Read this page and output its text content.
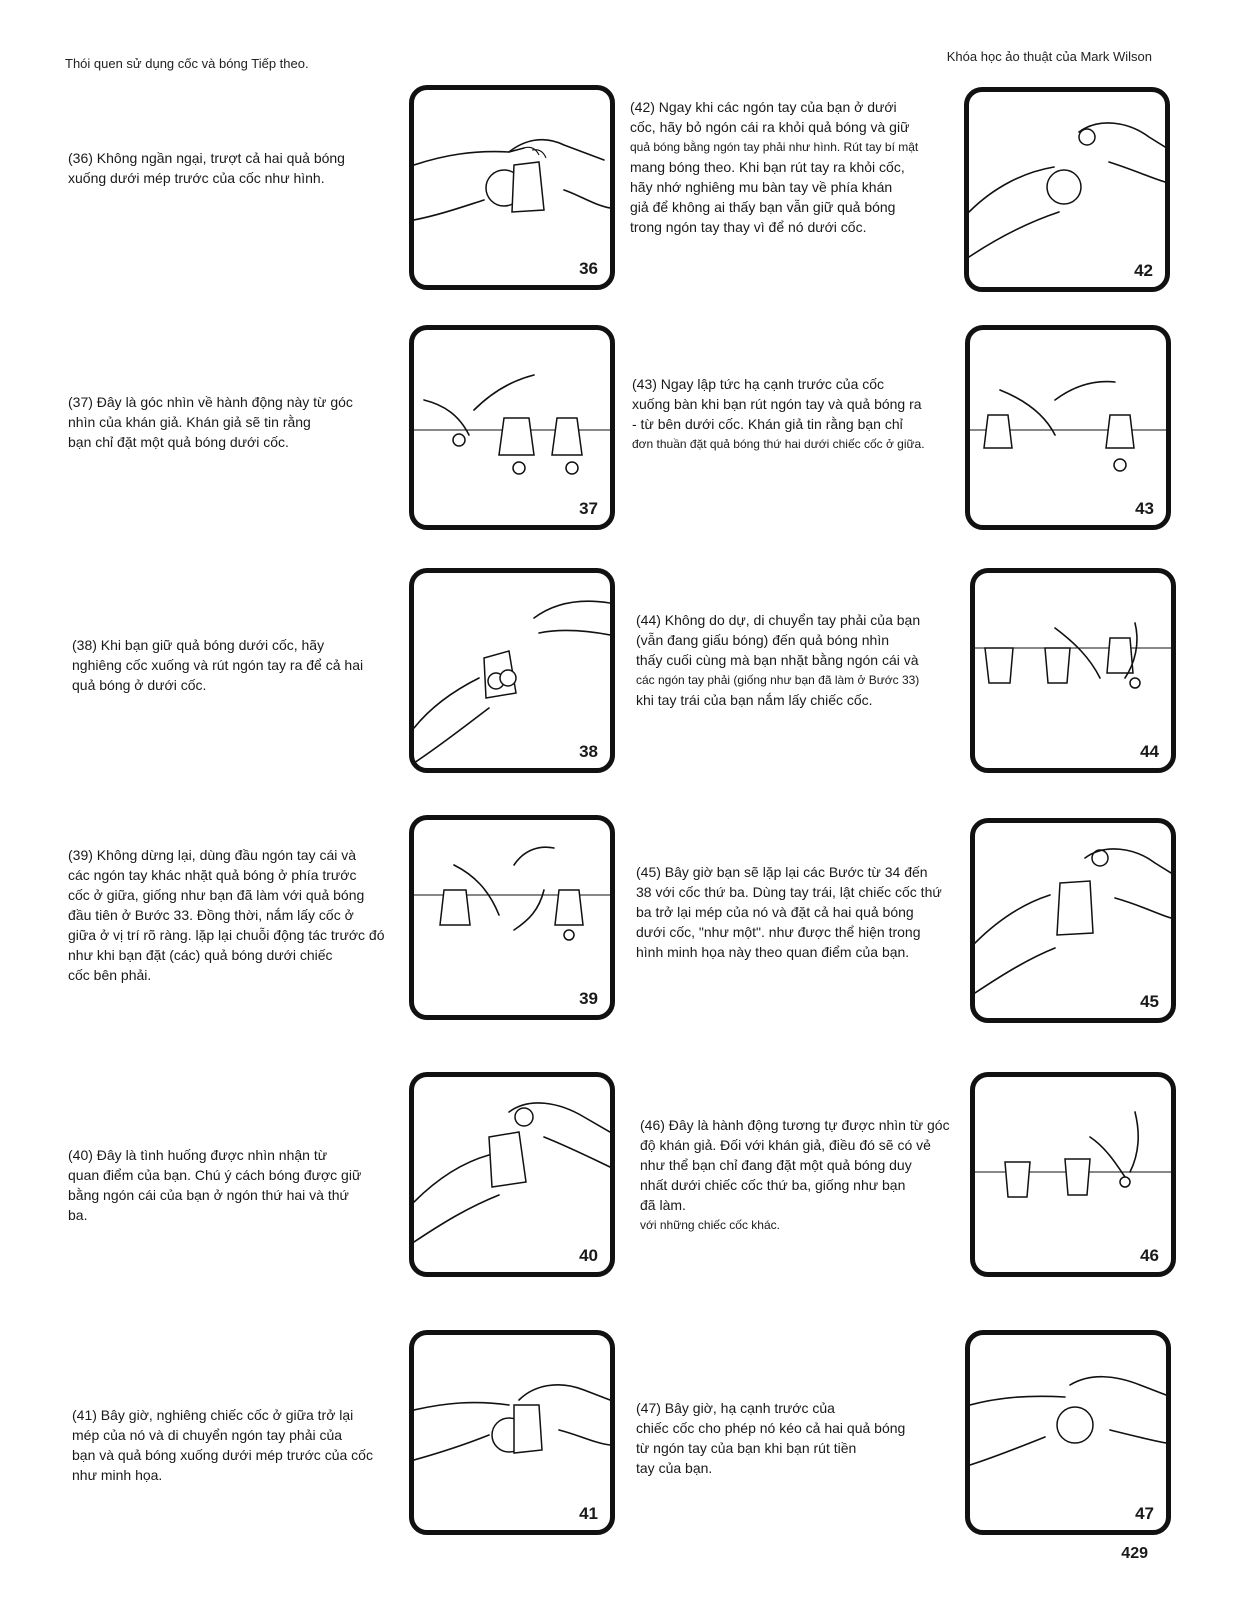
Thói quen sử dụng cốc và bóng Tiếp theo.	Khóa học ảo thuật của Mark Wilson
(36) Không ngần ngại, trượt cả hai quả bóng
xuống dưới mép trước của cốc như hình.
(37) Đây là góc nhìn về hành động này từ góc
nhìn của khán giả. Khán giả sẽ tin rằng
bạn chỉ đặt một quả bóng dưới cốc.
(38) Khi bạn giữ quả bóng dưới cốc, hãy
nghiêng cốc xuống và rút ngón tay ra để cả hai
quả bóng ở dưới cốc.
(39) Không dừng lại, dùng đầu ngón tay cái và
các ngón tay khác nhặt quả bóng ở phía trước
cốc ở giữa, giống như bạn đã làm với quả bóng
đầu tiên ở Bước 33. Đồng thời, nắm lấy cốc ở
giữa ở vị trí rõ ràng. lặp lại chuỗi động tác trước đó
như khi bạn đặt (các) quả bóng dưới chiếc
cốc bên phải.
(40) Đây là tình huống được nhìn nhận từ
quan điểm của bạn. Chú ý cách bóng được giữ
bằng ngón cái của bạn ở ngón thứ hai và thứ
ba.
(41) Bây giờ, nghiêng chiếc cốc ở giữa trở lại
mép của nó và di chuyển ngón tay phải của
bạn và quả bóng xuống dưới mép trước của cốc
như minh họa.
(42) Ngay khi các ngón tay của bạn ở dưới
cốc, hãy bỏ ngón cái ra khỏi quả bóng và giữ
quả bóng bằng ngón tay phải như hình. Rút tay bí mật
mang bóng theo. Khi bạn rút tay ra khỏi cốc,
hãy nhớ nghiêng mu bàn tay về phía khán
giả để không ai thấy bạn vẫn giữ quả bóng
trong ngón tay thay vì để nó dưới cốc.
(43) Ngay lập tức hạ cạnh trước của cốc
xuống bàn khi bạn rút ngón tay và quả bóng ra
- từ bên dưới cốc. Khán giả tin rằng bạn chỉ
đơn thuần đặt quả bóng thứ hai dưới chiếc cốc ở giữa.
(44) Không do dự, di chuyển tay phải của bạn
(vẫn đang giấu bóng) đến quả bóng nhìn
thấy cuối cùng mà bạn nhặt bằng ngón cái và
các ngón tay phải (giống như bạn đã làm ở Bước 33)
khi tay trái của bạn nắm lấy chiếc cốc.
(45) Bây giờ bạn sẽ lặp lại các Bước từ 34 đến
38 với cốc thứ ba. Dùng tay trái, lật chiếc cốc thứ
ba trở lại mép của nó và đặt cả hai quả bóng
dưới cốc, "như một". như được thể hiện trong
hình minh họa này theo quan điểm của bạn.
(46) Đây là hành động tương tự được nhìn từ góc
độ khán giả. Đối với khán giả, điều đó sẽ có vẻ
như thể bạn chỉ đang đặt một quả bóng duy
nhất dưới chiếc cốc thứ ba, giống như bạn
đã làm.
với những chiếc cốc khác.
(47) Bây giờ, hạ cạnh trước của
chiếc cốc cho phép nó kéo cả hai quả bóng
từ ngón tay của bạn khi bạn rút tiền
tay của bạn.
36
37
38
39
40
41
42
43
44
45
46
47
429
